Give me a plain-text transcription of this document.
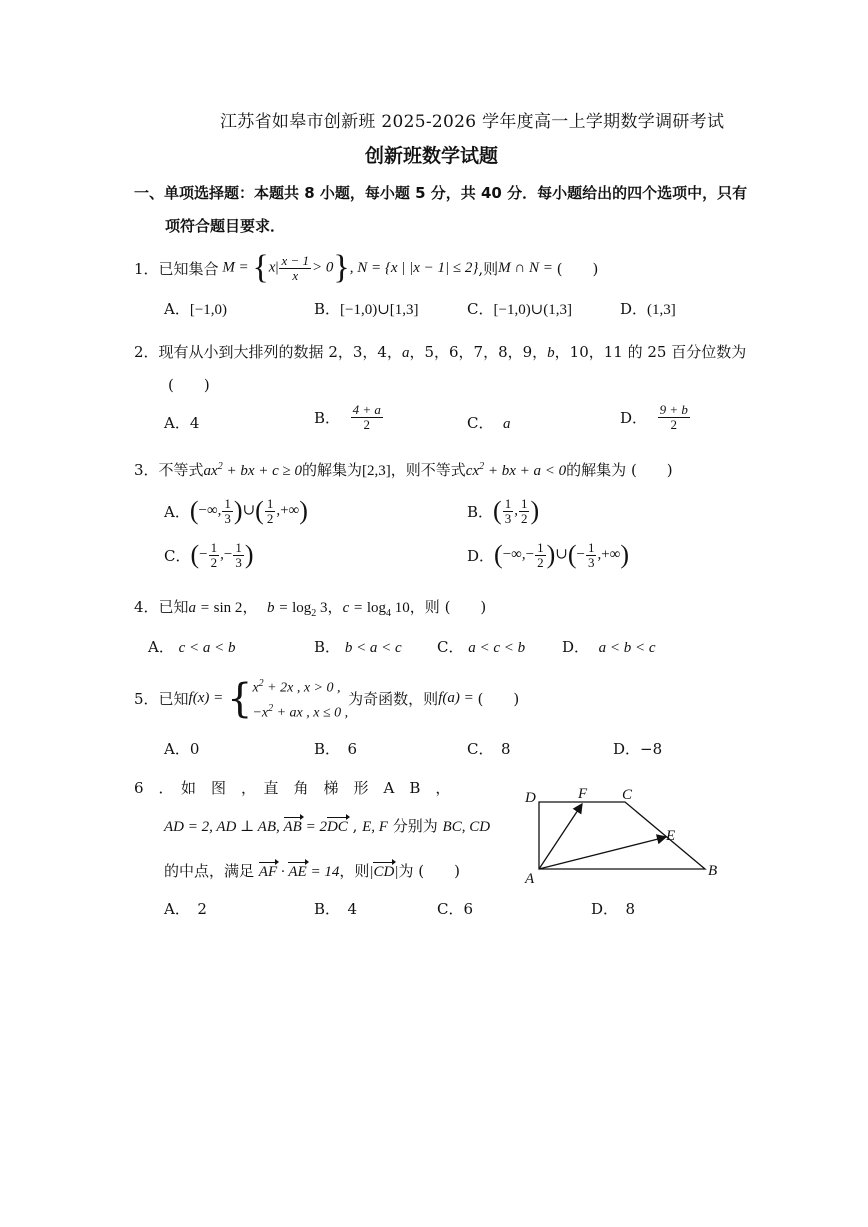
江苏省如皋市创新班 2025-2026 学年度高一上学期数学调研考试
创新班数学试题
一、单项选择题：本题共 8 小题，每小题 5 分，共 40 分．每小题给出的四个选项中，只有
项符合题目要求．
1． 已知集合 $M = \{x| \frac{x - 1}{x} > 0\}$ , N = {x | |x − 1| ≤ 2} ,则 M ∩ N = (　　)
A．[−1,0)	B．[−1,0)∪[1,3]	C．[−1,0)∪(1,3]	D．(1,3]
2．现有从小到大排列的数据 2，3，4，a，5，6，7，8，9，b，10，11 的 25 百分位数为
(　　)
A．4	B．
$\frac{4 + a}{2}$	C． a	D．
$\frac{9 + b}{2}$
3．不等式$ax^2$ + bx + c ≥ 0的解集为[2,3]，则不等式$cx^2$ + bx + a < 0的解集为 (　　)
A． (−∞, $\frac{1}{3}$ )∪( $\frac{1}{2}$ ,+∞)	B． ( $\frac{1}{3}$ , $\frac{1}{2}$ )
C． (− $\frac{1}{2}$ ,− $\frac{1}{3}$ )	D． (−∞,− $\frac{1}{2}$ )∪(− $\frac{1}{3}$ ,+∞)
4．已知a = sin 2， $b = \log_2 3$，$c = \log_4 10$，则 (　　)
A． c < a < b	B． b < a < c C． a < c < b D． a < b < c
5．已知 f(x) = { $x^2 + 2x$ , x > 0 ,
$-x^2$ + ax , x ≤ 0 ,
为奇函数，则 f(a) = (　　)
A．0	B．　6	C．　8	D．−8
6　．　如　图　，　直　角　梯　形　A　B　，
AD = 2, AD ⊥ AB, AB = 2DC , E, F 分别为 BC, CD
的中点，满足 AF · AE = 14，则|CD|为 (　　)
A．　2	B．　4	C．6	D．　8
D	F C
E
A	B
